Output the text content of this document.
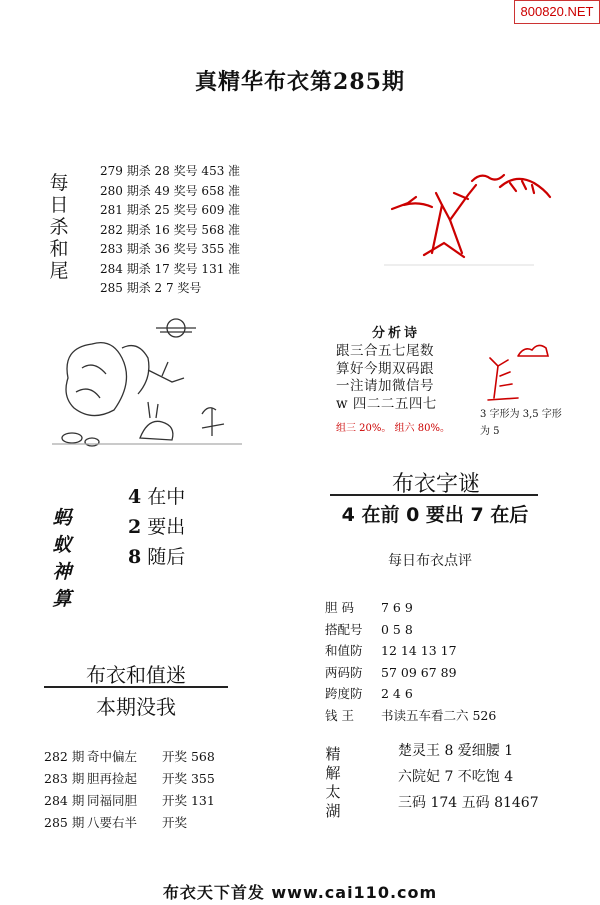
800820.NET
真精华布衣第285期
每
日
杀
和
尾
279 期杀 28 奖号 453 准
280 期杀 49 奖号 658 准
281 期杀 25 奖号 609 准
282 期杀 16 奖号 568 准
283 期杀 36 奖号 355 准
284 期杀 17 奖号 131 准
285 期杀 2 7 奖号
分析诗
跟三合五七尾数
算好今期双码跟
一注请加微信号
w 四二二五四七
组三 20%。 组六 80%。
3 字形为 3,5 字形为 5
蚂
蚁
神
算
4 在中
2 要出
8 随后
布衣字谜
4 在前 0 要出 7 在后
每日布衣点评
胆 码 7 6 9
搭配号 0 5 8
和值防 12 14 13 17
两码防 57 09 67 89
跨度防 2 4 6
钱 王 书读五车看二六 526
布衣和值迷
本期没我
282 期 奇中偏左 开奖 568
283 期 胆再捡起 开奖 355
284 期 同福同胆 开奖 131
285 期 八要右半 开奖
精
解
太
湖
楚灵王 8 爱细腰 1
六院妃 7 不吃饱 4
三码 174 五码 81467
布衣天下首发 www.cai110.com
